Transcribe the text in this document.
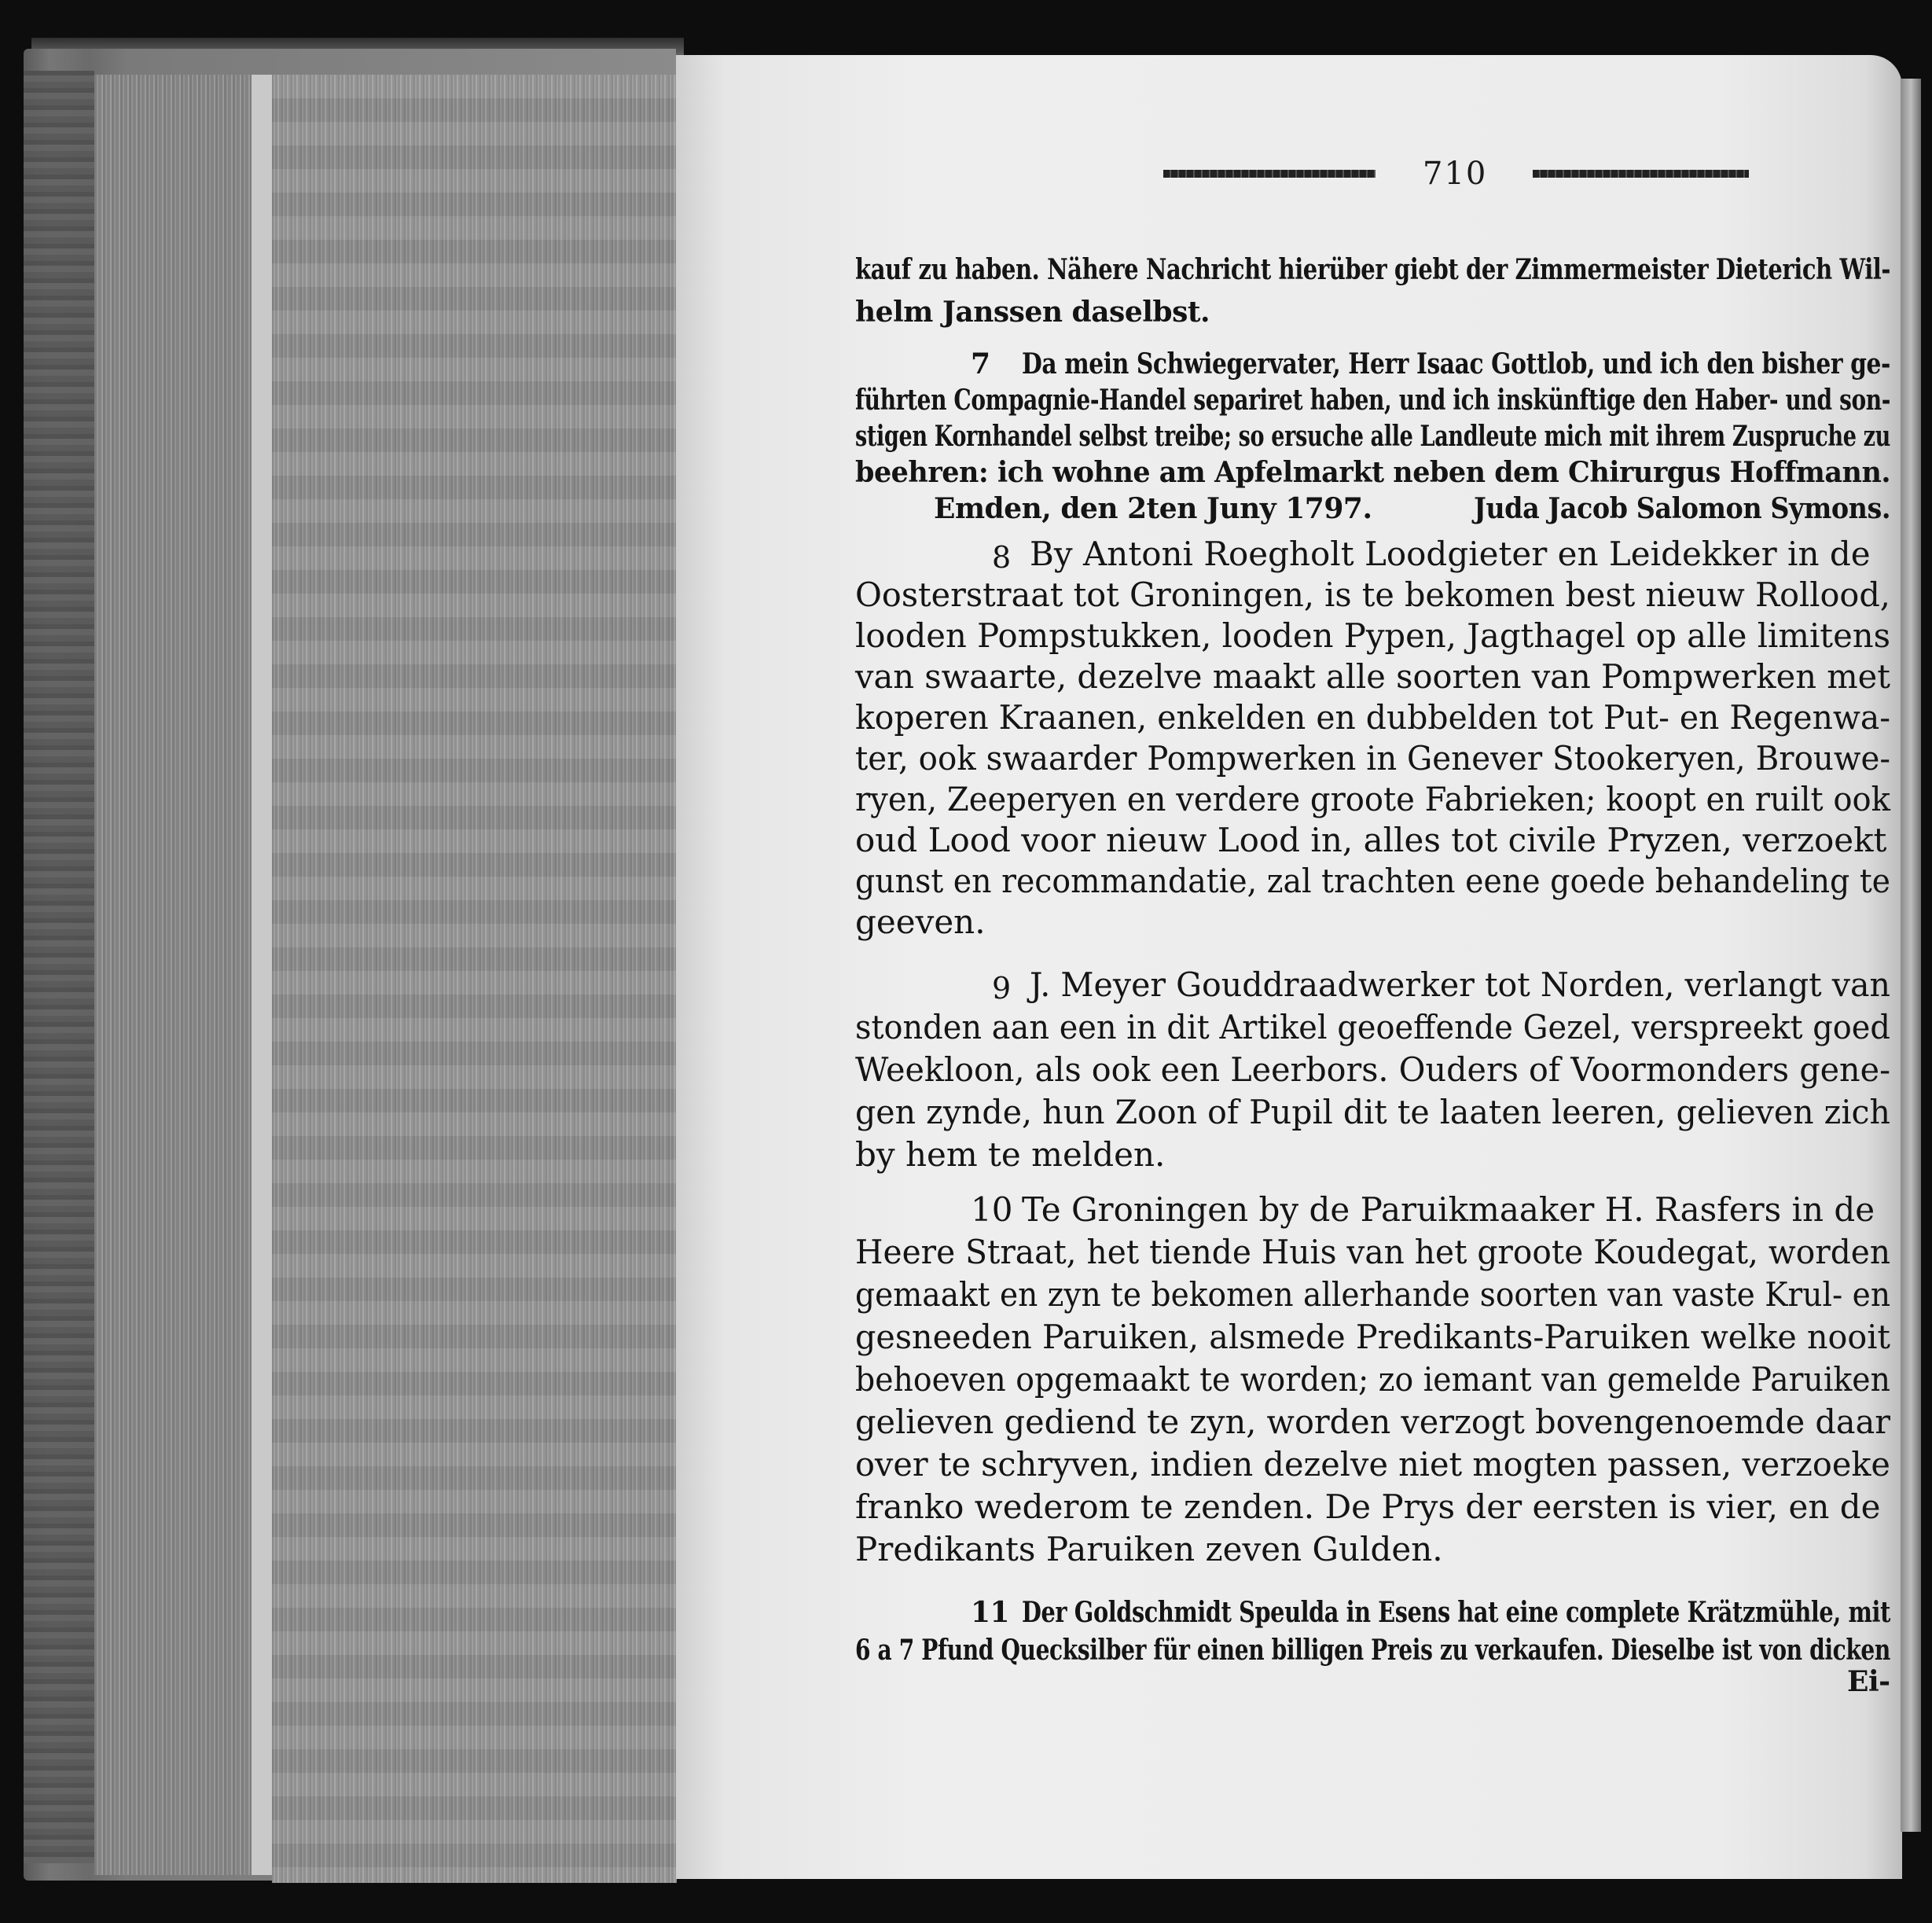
710
kauf zu haben. Nähere Nachricht hierüber giebt der Zimmermeister Dieterich Wil-
helm Janssen daselbst.
7 Da mein Schwiegervater, Herr Isaac Gottlob, und ich den bisher ge-
führten Compagnie-Handel separiret haben, und ich inskünftige den Haber- und son-
stigen Kornhandel selbst treibe; so ersuche alle Landleute mich mit ihrem Zuspruche zu
beehren: ich wohne am Apfelmarkt neben dem Chirurgus Hoffmann.
Emden, den 2ten Juny 1797.	Juda Jacob Salomon Symons.
8 By Antoni Roegholt Loodgieter en Leidekker in de
Oosterstraat tot Groningen, is te bekomen best nieuw Rollood,
looden Pompstukken, looden Pypen, Jagthagel op alle limitens
van swaarte, dezelve maakt alle soorten van Pompwerken met
koperen Kraanen, enkelden en dubbelden tot Put- en Regenwa-
ter, ook swaarder Pompwerken in Genever Stookeryen, Brouwe-
ryen, Zeeperyen en verdere groote Fabrieken; koopt en ruilt ook
oud Lood voor nieuw Lood in, alles tot civile Pryzen, verzoekt
gunst en recommandatie, zal trachten eene goede behandeling te
geeven.
9 J. Meyer Gouddraadwerker tot Norden, verlangt van
stonden aan een in dit Artikel geoeffende Gezel, verspreekt goed
Weekloon, als ook een Leerbors. Ouders of Voormonders gene-
gen zynde, hun Zoon of Pupil dit te laaten leeren, gelieven zich
by hem te melden.
10 Te Groningen by de Paruikmaaker H. Rasfers in de
Heere Straat, het tiende Huis van het groote Koudegat, worden
gemaakt en zyn te bekomen allerhande soorten van vaste Krul- en
gesneeden Paruiken, alsmede Predikants-Paruiken welke nooit
behoeven opgemaakt te worden; zo iemant van gemelde Paruiken
gelieven gediend te zyn, worden verzogt bovengenoemde daar
over te schryven, indien dezelve niet mogten passen, verzoeke
franko wederom te zenden. De Prys der eersten is vier, en de
Predikants Paruiken zeven Gulden.
11 Der Goldschmidt Speulda in Esens hat eine complete Krätzmühle, mit
6 a 7 Pfund Quecksilber für einen billigen Preis zu verkaufen. Dieselbe ist von dicken
Ei-
